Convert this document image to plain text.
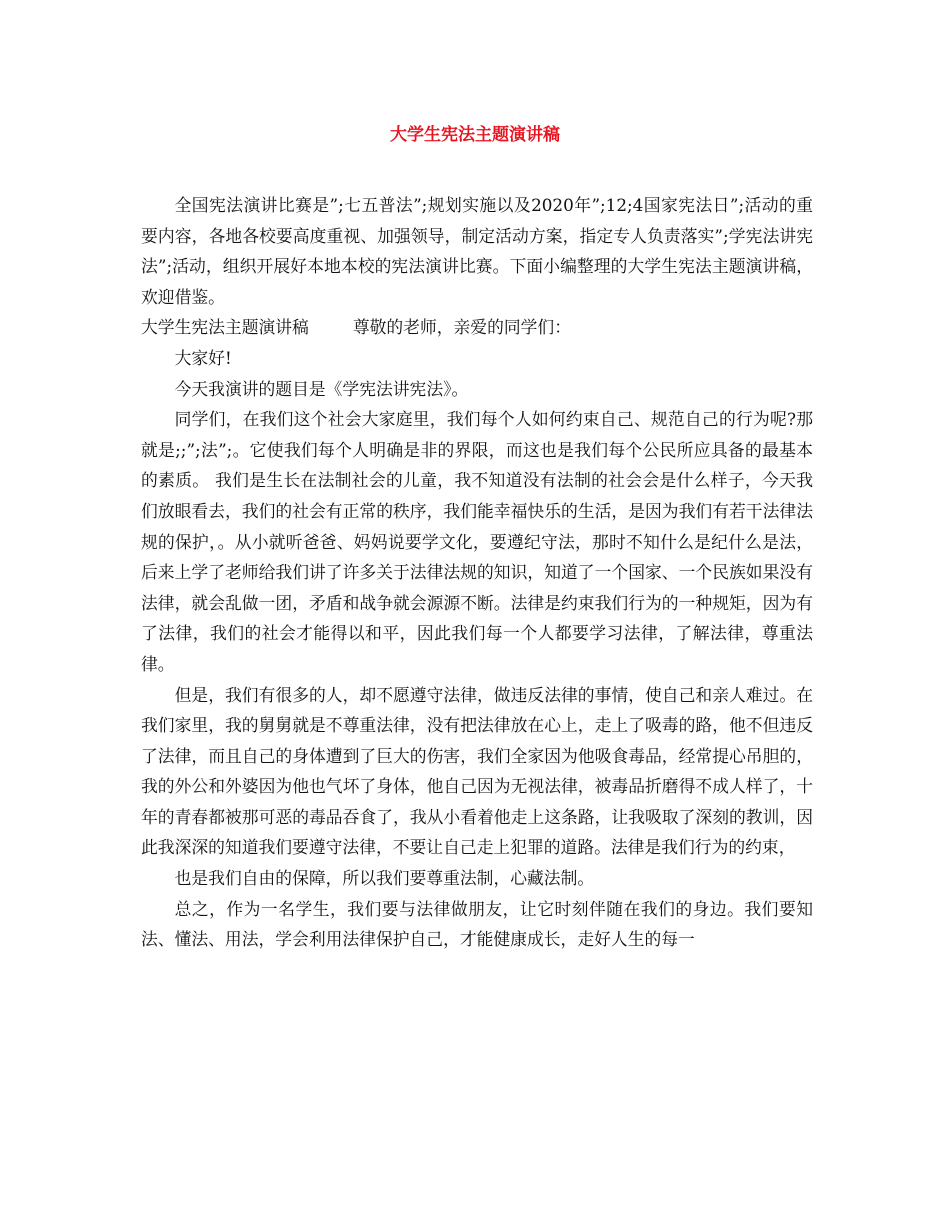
大学生宪法主题演讲稿

全国宪法演讲比赛是”;七五普法”;规划实施以及2020年”;12;4国家宪法日”;活动的重要内容，各地各校要高度重视、加强领导，制定活动方案，指定专人负责落实”;学宪法讲宪法”;活动，组织开展好本地本校的宪法演讲比赛。下面小编整理的大学生宪法主题演讲稿，欢迎借鉴。

大学生宪法主题演讲稿	尊敬的老师，亲爱的同学们：

大家好!

今天我演讲的题目是《学宪法讲宪法》。

同学们，在我们这个社会大家庭里，我们每个人如何约束自己、规范自己的行为呢?那就是;;”;法”;。它使我们每个人明确是非的界限，而这也是我们每个公民所应具备的最基本的素质。 我们是生长在法制社会的儿童，我不知道没有法制的社会会是什么样子，今天我们放眼看去，我们的社会有正常的秩序，我们能幸福快乐的生活，是因为我们有若干法律法规的保护，。从小就听爸爸、妈妈说要学文化，要遵纪守法，那时不知什么是纪什么是法，后来上学了老师给我们讲了许多关于法律法规的知识，知道了一个国家、一个民族如果没有法律，就会乱做一团，矛盾和战争就会源源不断。法律是约束我们行为的一种规矩，因为有了法律，我们的社会才能得以和平，因此我们每一个人都要学习法律，了解法律，尊重法律。

但是，我们有很多的人，却不愿遵守法律，做违反法律的事情，使自己和亲人难过。在我们家里，我的舅舅就是不尊重法律，没有把法律放在心上，走上了吸毒的路，他不但违反了法律，而且自己的身体遭到了巨大的伤害，我们全家因为他吸食毒品，经常提心吊胆的，我的外公和外婆因为他也气坏了身体，他自己因为无视法律，被毒品折磨得不成人样了，十年的青春都被那可恶的毒品吞食了，我从小看着他走上这条路，让我吸取了深刻的教训，因此我深深的知道我们要遵守法律，不要让自己走上犯罪的道路。法律是我们行为的约束，

也是我们自由的保障，所以我们要尊重法制，心藏法制。

总之，作为一名学生，我们要与法律做朋友，让它时刻伴随在我们的身边。我们要知法、懂法、用法，学会利用法律保护自己，才能健康成长，走好人生的每一
